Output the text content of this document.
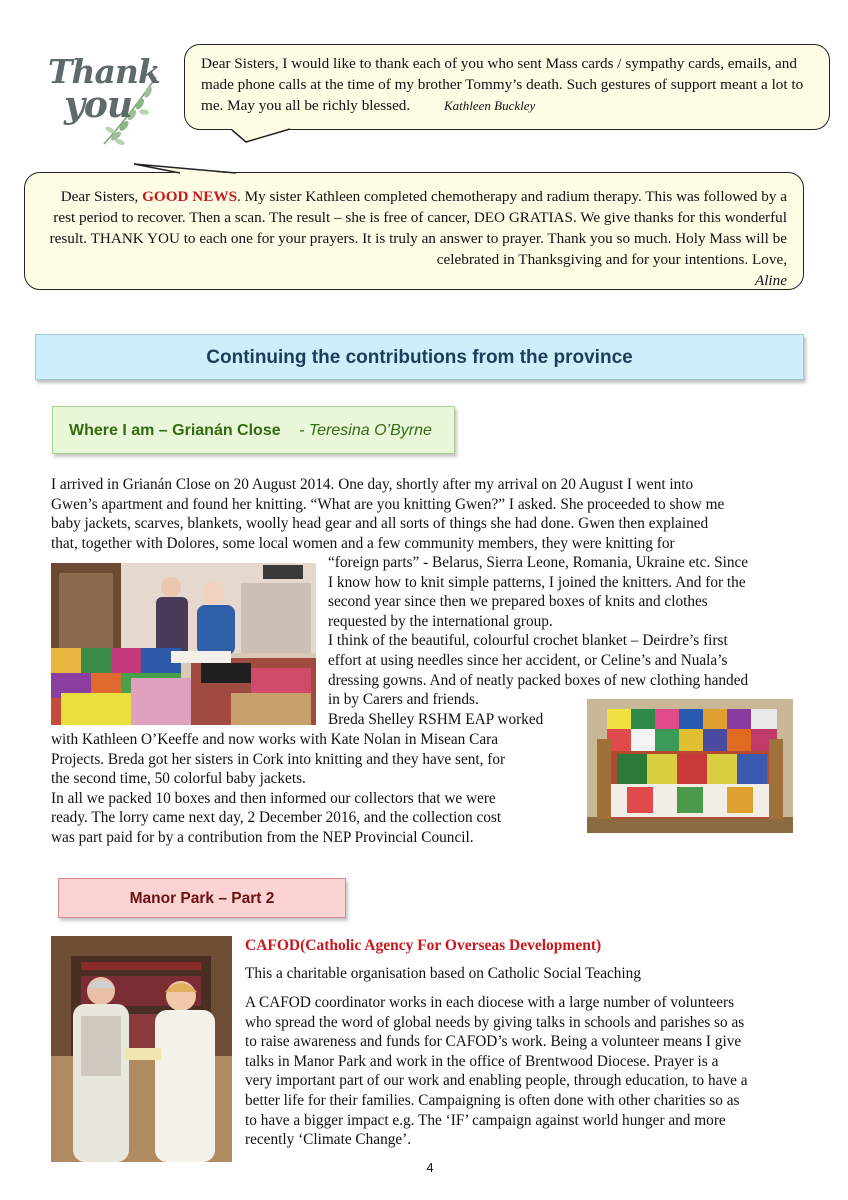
Thank
you
Dear Sisters, I would like to thank each of you who sent Mass cards / sympathy cards, emails, and made phone calls at the time of my brother Tommy’s death. Such gestures of support meant a lot to me. May you all be richly blessed.	Kathleen Buckley
Dear Sisters, GOOD NEWS. My sister Kathleen completed chemotherapy and radium therapy. This was followed by a rest period to recover. Then a scan. The result – she is free of cancer, DEO GRATIAS. We give thanks for this wonderful result. THANK YOU to each one for your prayers. It is truly an answer to prayer. Thank you so much. Holy Mass will be celebrated in Thanksgiving and for your intentions. Love,
Aline
Continuing the contributions from the province
Where I am – Grianán Close - Teresina O’Byrne

I arrived in Grianán Close on 20 August 2014. One day, shortly after my arrival on 20 August I went into

Gwen’s apartment and found her knitting. “What are you knitting Gwen?” I asked. She proceeded to show me

baby jackets, scarves, blankets, woolly head gear and all sorts of things she had done. Gwen then explained

that, together with Dolores, some local women and a few community members, they were knitting for

“foreign parts” - Belarus, Sierra Leone, Romania, Ukraine etc. Since

I know how to knit simple patterns, I joined the knitters. And for the

second year since then we prepared boxes of knits and clothes

requested by the international group.

I think of the beautiful, colourful crochet blanket – Deirdre’s first

effort at using needles since her accident, or Celine’s and Nuala’s

dressing gowns. And of neatly packed boxes of new clothing handed

in by Carers and friends.

Breda Shelley RSHM EAP worked

with Kathleen O’Keeffe and now works with Kate Nolan in Misean Cara

Projects. Breda got her sisters in Cork into knitting and they have sent, for

the second time, 50 colorful baby jackets.

In all we packed 10 boxes and then informed our collectors that we were

ready. The lorry came next day, 2 December 2016, and the collection cost

was part paid for by a contribution from the NEP Provincial Council.

Manor Park – Part 2
CAFOD(Catholic Agency For Overseas Development)
This a charitable organisation based on Catholic Social Teaching

A CAFOD coordinator works in each diocese with a large number of volunteers

who spread the word of global needs by giving talks in schools and parishes so as

to raise awareness and funds for CAFOD’s work. Being a volunteer means I give

talks in Manor Park and work in the office of Brentwood Diocese. Prayer is a

very important part of our work and enabling people, through education, to have a

better life for their families. Campaigning is often done with other charities so as

to have a bigger impact e.g. The ‘IF’ campaign against world hunger and more

recently ‘Climate Change’.

4
